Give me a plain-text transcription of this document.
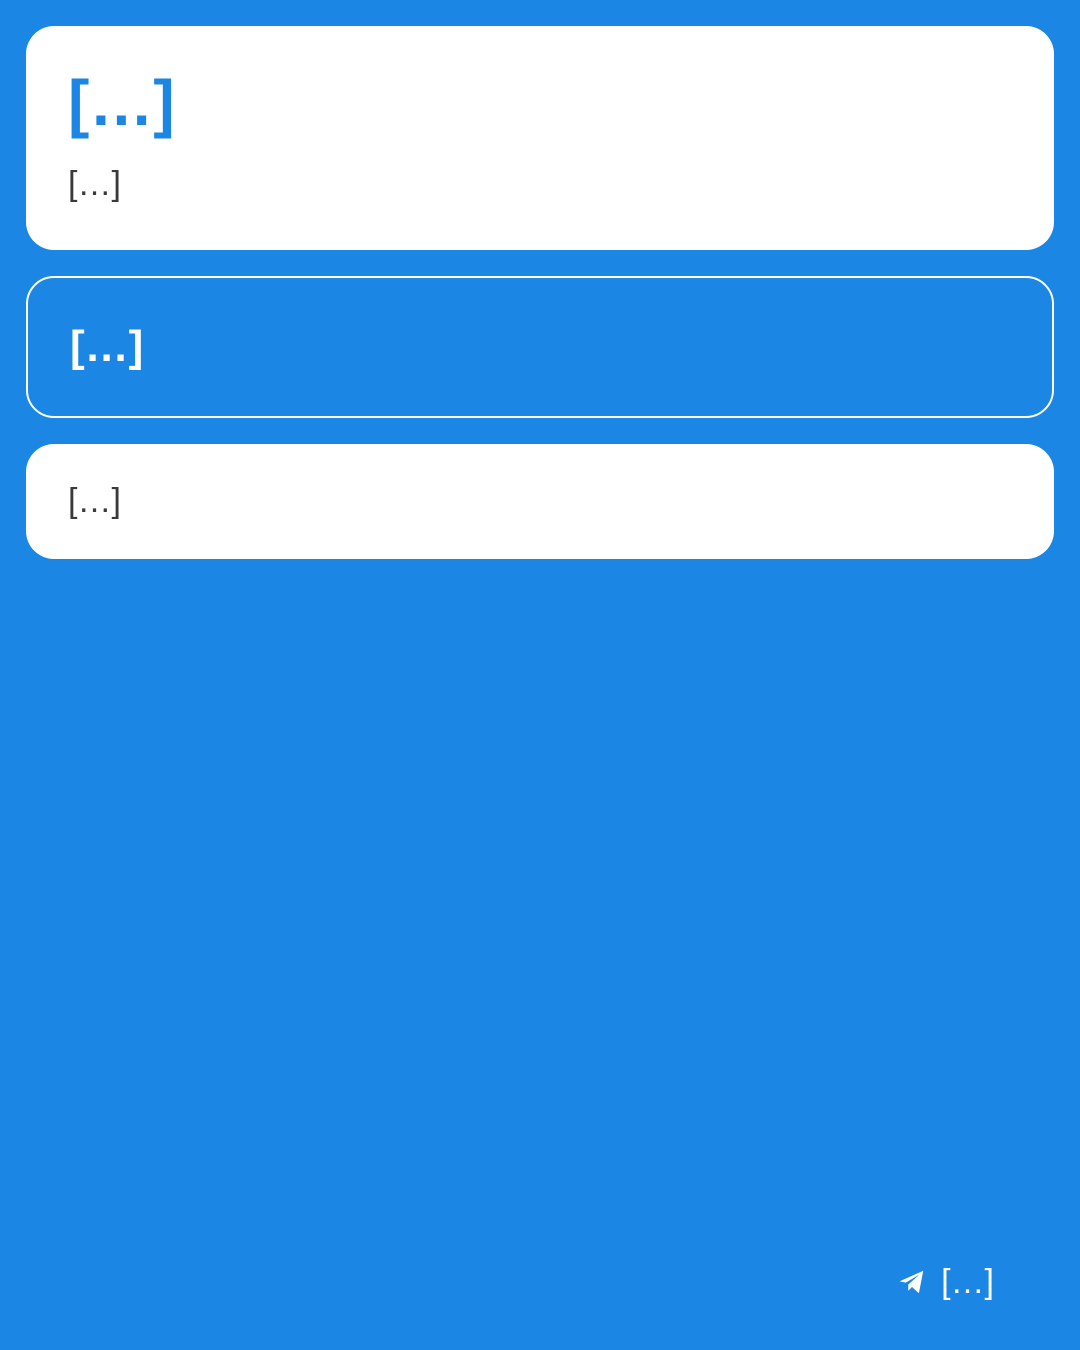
[…]

[…]

[…]

[…]

[…]
